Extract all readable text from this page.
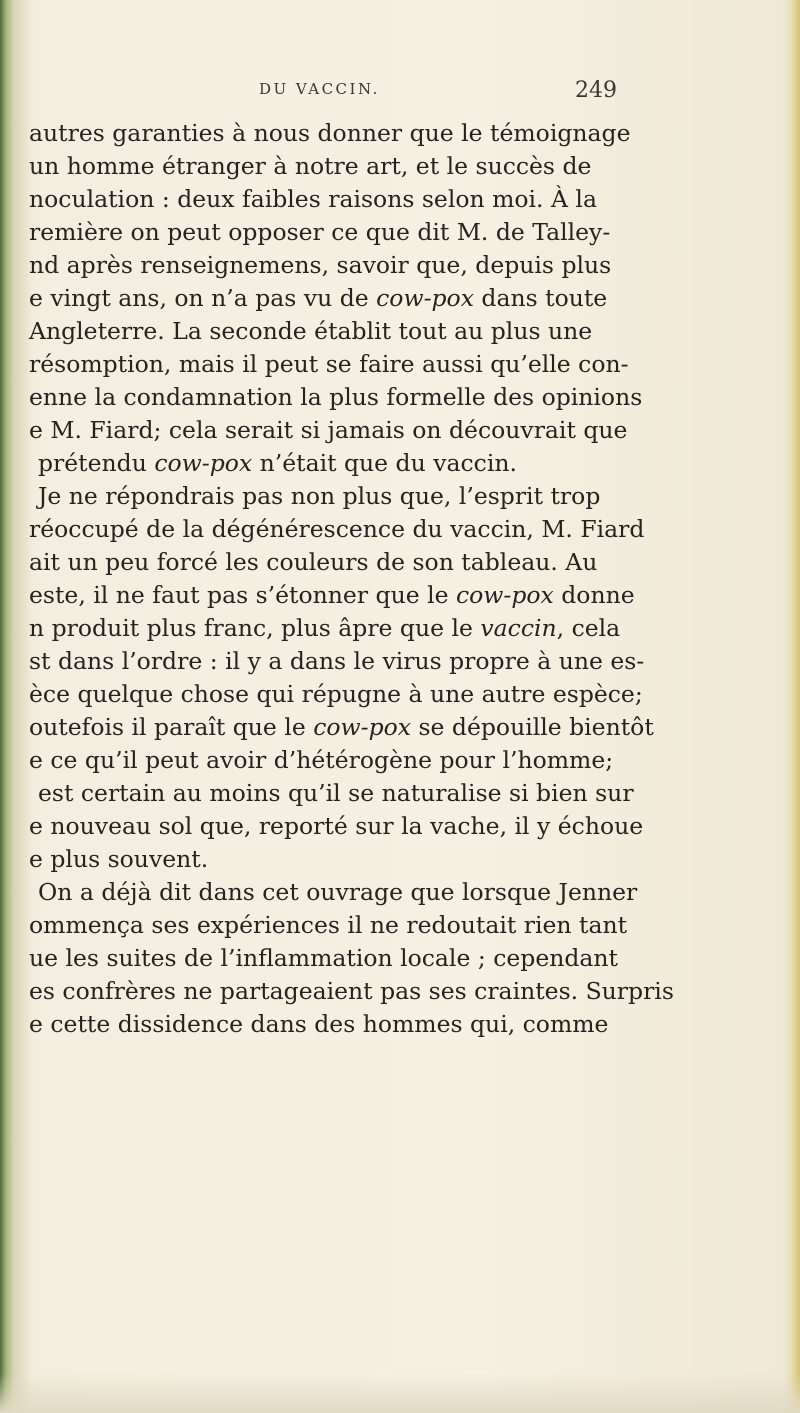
DU VACCIN.	249
autres garanties à nous donner que le témoignage
un homme étranger à notre art, et le succès de
noculation : deux faibles raisons selon moi. À la
remière on peut opposer ce que dit M. de Talley-
nd après renseignemens, savoir que, depuis plus
e vingt ans, on n’a pas vu de cow-pox dans toute
Angleterre. La seconde établit tout au plus une
résomption, mais il peut se faire aussi qu’elle con-
enne la condamnation la plus formelle des opinions
e M. Fiard; cela serait si jamais on découvrait que
prétendu cow-pox n’était que du vaccin.
Je ne répondrais pas non plus que, l’esprit trop
réoccupé de la dégénérescence du vaccin, M. Fiard
ait un peu forcé les couleurs de son tableau. Au
este, il ne faut pas s’étonner que le cow-pox donne
n produit plus franc, plus âpre que le vaccin, cela
st dans l’ordre : il y a dans le virus propre à une es-
èce quelque chose qui répugne à une autre espèce;
outefois il paraît que le cow-pox se dépouille bientôt
e ce qu’il peut avoir d’hétérogène pour l’homme;
est certain au moins qu’il se naturalise si bien sur
e nouveau sol que, reporté sur la vache, il y échoue
e plus souvent.
On a déjà dit dans cet ouvrage que lorsque Jenner
ommença ses expériences il ne redoutait rien tant
ue les suites de l’inflammation locale ; cependant
es confrères ne partageaient pas ses craintes. Surpris
e cette dissidence dans des hommes qui, comme
